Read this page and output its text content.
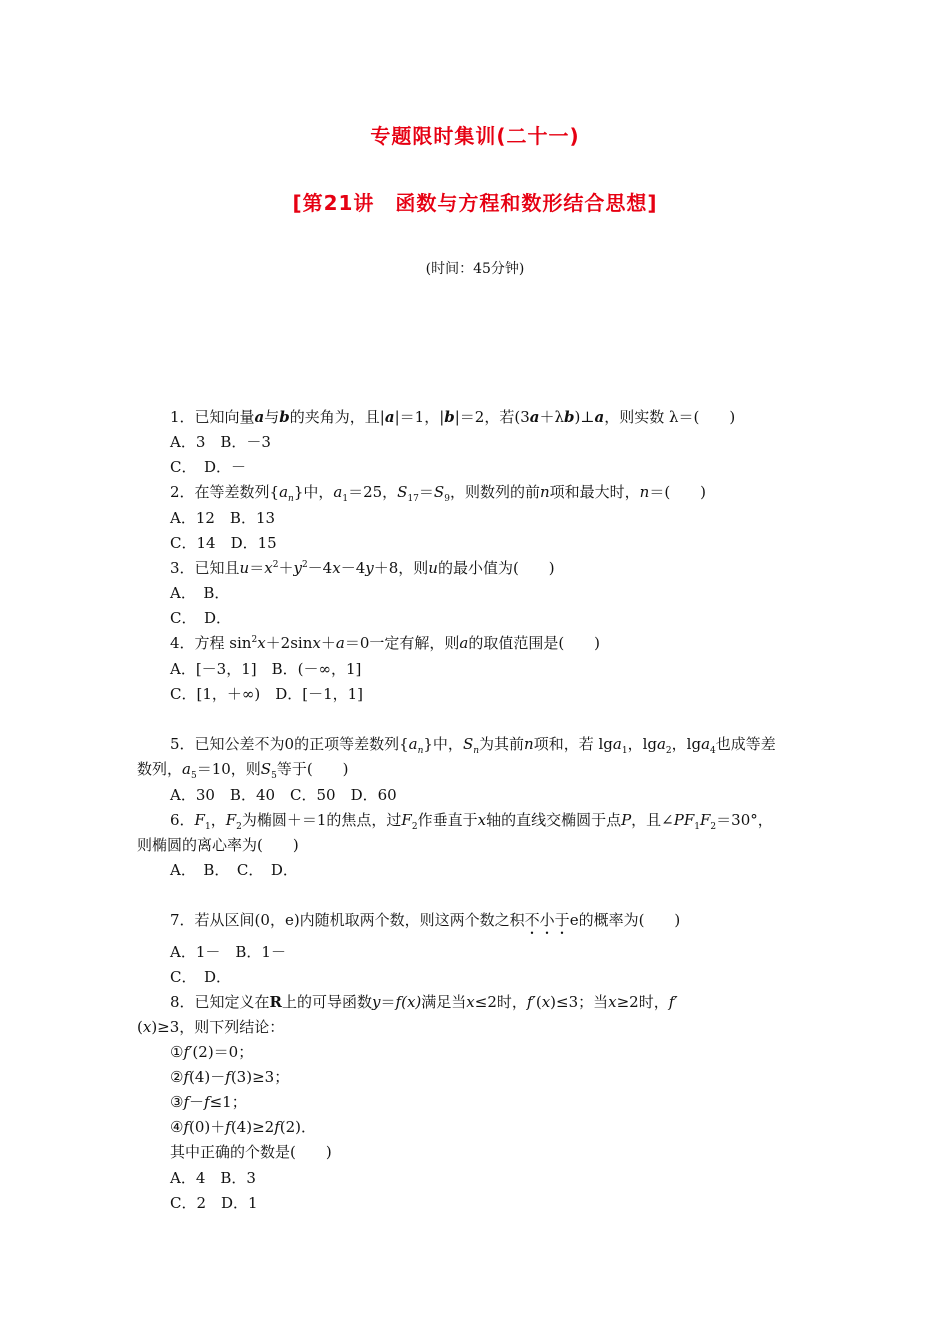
专题限时集训(二十一)
[第21讲　函数与方程和数形结合思想]
(时间：45分钟)
1．已知向量a与b的夹角为，且|a|＝1，|b|＝2，若(3a＋λb)⊥a，则实数 λ＝(　　)
A．3　B．－3
C．　D．－
2．在等差数列$\{a_n\}$中，$a_1=25$，$S_{17}=S_9$，则数列的前n项和最大时，n＝(　　)
A．12　B．13
C．14　D．15
3．已知且$u=x^2+y^2-4x-4y+8$，则u的最小值为(　　)
A．　B．
C．　D．
4．方程 $\sin^2x+2\sin x+a=0$一定有解，则a的取值范围是(　　)
A．[－3，1]　B．(－∞，1]
C．[1，＋∞)　D．[－1，1]
5．已知公差不为0的正项等差数列$\{a_n\}$中，$S_n$为其前n项和，若 lga$_1$，lga$_2$，lga$_4$也成等差
数列，$a_5=10$，则$S_5$等于(　　)
A．30　B．40　C．50　D．60
6．$F_1$，$F_2$为椭圆＋＝1的焦点，过$F_2$作垂直于x轴的直线交椭圆于点P，且$\angle PF_1F_2=30^\circ$，
则椭圆的离心率为(　　)
A．　B．　C．　D．
7．若从区间(0，e)内随机取两个数，则这两个数之积不小于e的概率为(　　)
A．1－　B．1－
C．　D．
8．已知定义在R上的可导函数y＝f(x)满足当x≤2时，f′(x)≤3；当x≥2时，f′
(x)≥3，则下列结论：
①f′(2)＝0；
②f(4)－f(3)≥3；
③f－f≤1；
④f(0)＋f(4)≥2f(2)．
其中正确的个数是(　　)
A．4　B．3
C．2　D．1
